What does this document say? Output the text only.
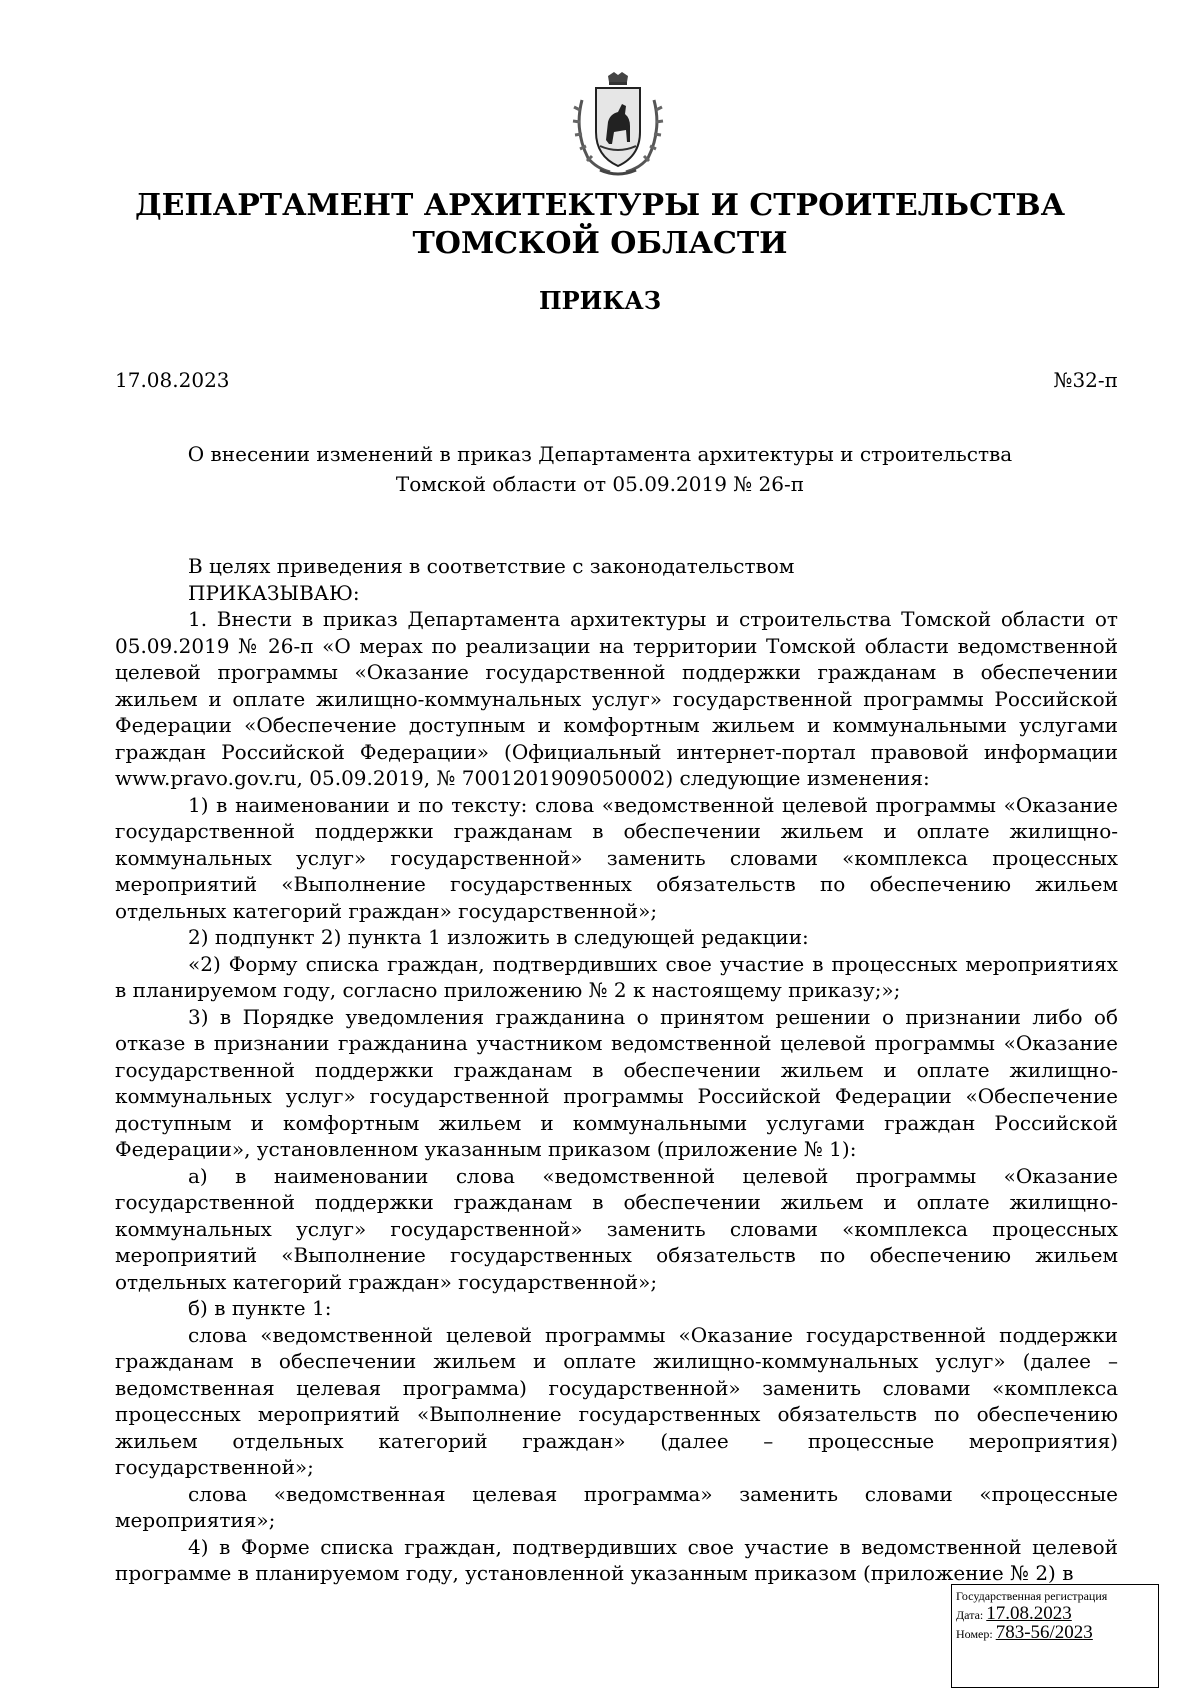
ДЕПАРТАМЕНТ АРХИТЕКТУРЫ И СТРОИТЕЛЬСТВА
ТОМСКОЙ ОБЛАСТИ
ПРИКАЗ
17.08.2023	№32-п
О внесении изменений в приказ Департамента архитектуры и строительства
Томской области от 05.09.2019 № 26-п

В целях приведения в соответствие с законодательством

ПРИКАЗЫВАЮ:

1. Внести в приказ Департамента архитектуры и строительства Томской области от 05.09.2019 № 26-п «О мерах по реализации на территории Томской области ведомственной целевой программы «Оказание государственной поддержки гражданам в обеспечении жильем и оплате жилищно-коммунальных услуг» государственной программы Российской Федерации «Обеспечение доступным и комфортным жильем и коммунальными услугами граждан Российской Федерации» (Официальный интернет-портал правовой информации www.pravo.gov.ru, 05.09.2019, № 7001201909050002) следующие изменения:

1) в наименовании и по тексту: слова «ведомственной целевой программы «Оказание государственной поддержки гражданам в обеспечении жильем и оплате жилищно-коммунальных услуг» государственной» заменить словами «комплекса процессных мероприятий «Выполнение государственных обязательств по обеспечению жильем отдельных категорий граждан» государственной»;

2) подпункт 2) пункта 1 изложить в следующей редакции:

«2) Форму списка граждан, подтвердивших свое участие в процессных мероприятиях в планируемом году, согласно приложению № 2 к настоящему приказу;»;

3) в Порядке уведомления гражданина о принятом решении о признании либо об отказе в признании гражданина участником ведомственной целевой программы «Оказание государственной поддержки гражданам в обеспечении жильем и оплате жилищно-коммунальных услуг» государственной программы Российской Федерации «Обеспечение доступным и комфортным жильем и коммунальными услугами граждан Российской Федерации», установленном указанным приказом (приложение № 1):

а) в наименовании слова «ведомственной целевой программы «Оказание государственной поддержки гражданам в обеспечении жильем и оплате жилищно-коммунальных услуг» государственной» заменить словами «комплекса процессных мероприятий «Выполнение государственных обязательств по обеспечению жильем отдельных категорий граждан» государственной»;

б) в пункте 1:

слова «ведомственной целевой программы «Оказание государственной поддержки гражданам в обеспечении жильем и оплате жилищно-коммунальных услуг» (далее – ведомственная целевая программа) государственной» заменить словами «комплекса процессных мероприятий «Выполнение государственных обязательств по обеспечению жильем отдельных категорий граждан» (далее – процессные мероприятия) государственной»;

слова «ведомственная целевая программа» заменить словами «процессные мероприятия»;

4) в Форме списка граждан, подтвердивших свое участие в ведомственной целевой программе в планируемом году, установленной указанным приказом (приложение № 2) в

Государственная регистрация
Дата: 17.08.2023
Номер: 783-56/2023
